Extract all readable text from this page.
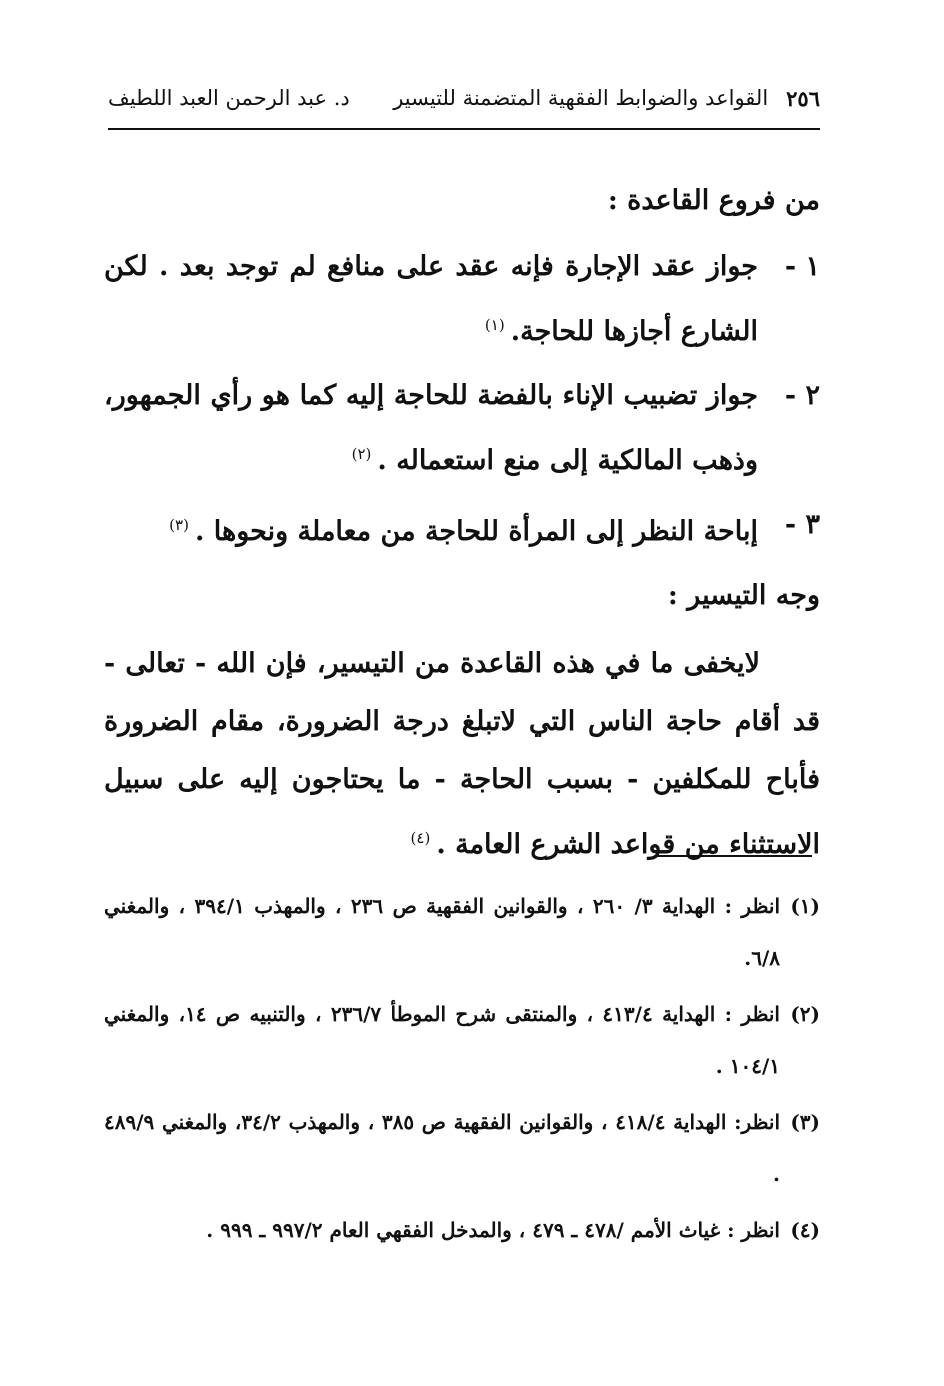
٢٥٦
القواعد والضوابط الفقهية المتضمنة للتيسير
د. عبد الرحمن العبد اللطيف

من فروع القاعدة :

١ -
جواز عقد الإجارة فإنه عقد على منافع لم توجد بعد . لكن الشارع أجازها للحاجة.$^{(١)}$
٢ -
جواز تضبيب الإناء بالفضة للحاجة إليه كما هو رأي الجمهور، وذهب المالكية إلى منع استعماله .$^{(٢)}$
٣ -
إباحة النظر إلى المرأة للحاجة من معاملة ونحوها .$^{(٣)}$

وجه التيسير :

لايخفى ما في هذه القاعدة من التيسير، فإن الله - تعالى - قد أقام حاجة الناس التي لاتبلغ درجة الضرورة، مقام الضرورة فأباح للمكلفين - بسبب الحاجة - ما يحتاجون إليه على سبيل الاستثناء من قواعد الشرع العامة .$^{(٤)}$

(١)
انظر : الهداية ٣/ ٢٦٠ ، والقوانين الفقهية ص ٢٣٦ ، والمهذب ٣٩٤/١ ، والمغني ٦/٨.
(٢)
انظر : الهداية ٤١٣/٤ ، والمنتقى شرح الموطأ ٢٣٦/٧ ، والتنبيه ص ١٤، والمغني ١٠٤/١ .
(٣)
انظر: الهداية ٤١٨/٤ ، والقوانين الفقهية ص ٣٨٥ ، والمهذب ٣٤/٢، والمغني ٤٨٩/٩ .
(٤)
انظر : غياث الأمم /٤٧٨ ـ ٤٧٩ ، والمدخل الفقهي العام ٩٩٧/٢ ـ ٩٩٩ .
